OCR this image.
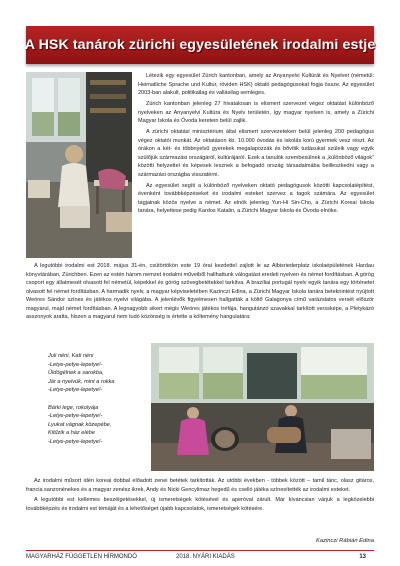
A HSK tanárok zürichi egyesületének irodalmi estje

Létezik egy egyesület Zürich kantonban, amely az Anyanyelvi Kultúrát és Nyelvet (németül: Heimatliche Sprache und Kultur, röviden HSK) oktató pedagógusokat fogja össze. Az egyesület 2003-ban alakult, politikailag és vallásilag semleges.

Zürich kantonban jelenleg 27 hivatalosan is elismert szervezet végez oktatást különböző nyelveken az Anyanyelvi Kultúra és Nyelv területén, így magyar nyelven is, amely a Zürichi Magyar Iskola és Óvoda keretein belül zajlik.

A zürichi oktatási minisztérium által elismert szervezeteken belül jelenleg 200 pedagógus végez oktatói munkát. Az oktatáson kb. 10.000 óvodás és iskolás korú gyermek vesz részt. Az órákon a két- és többnyelvű gyerekek megalapozzák és bővítik tudásukat szüleik vagy egyik szülőjük származási országáról, kultúrájáról. Ezek a tanulók szembesülnek a „különböző világok” közötti helyzettel és képesek lesznek a befogadó ország társadalmába beilleszkedni vagy a származási országba visszatérni.

Az egyesület segíti a különböző nyelveken oktató pedagógusok közötti kapcsolatépítést, évenként továbbképzéseket és irodalmi esteket szervez a tagok számára. Az egyesület tagjainak közös nyelve a német. Az elnök jelenleg Yun-Hi Sin-Cho, a Zürichi Koreai Iskola tanára, helyettese pedig Kardos Katalin, a Zürichi Magyar Iskola és Óvoda elnöke.

A legutóbbi irodalmi est 2018. május 31-én, csütörtökön este 19 órai kezdettel zajlott le az Albisriederplatz iskolaépületének Hardau könyvtárában, Zürichben. Ezen az estén három nemzet irodalmi műveiből hallhattunk válogatást eredeti nyelven és német fordításban. A görög csoport egy állatmesét olvasott fel németül, képekkel és görög szövegbetétekkel tarkítva. A brazíliai portugál nyelv egyik tanára egy történetet olvasott fel német fordításban. A harmadik nyelv, a magyar képviseletében Kazinczi Edina, a Zürichi Magyar Iskola tanára beteknintést nyújtott Weöres Sándor színes és játékos nyelvi világába. A jelenlévők figyelmesen hallgatták a költő Galagonya című varázslatos versét először magyarul, majd német fordításban. A legnagyobb sikert mégis Weöres játékos tréfája, hangutánzó szavakkal tarkított verssképe, a Pletykázó asszonyok aratta, hiszen a magyarul nem tudó közönség is értette a költemény hangulatára:

Juli néni, Kati néni
-Letye-petye-lepetye!-
Üldögélnek a sarokba,
Jár a nyelvük, mint a rokka
-Letye-petye-lepetye!-
Bárki lege, rokolyája
-Letye-petye-lepetye!-
Lyukat vágnak közepébe,
Kitűzik a ház elébe
-Letye-petye-lepetye!-

Az irodalmi műsort idén koreai dobbal előadott zenei betétek tarkították. Az utóbbi években - többek között – tamil tánc, olasz gitáros, francia sanzonénekes és a magyar zenész ikrek, Andy és Nicki Gencylimaz hegedű és cselló játéka színesítették az irodalmi esteket.

A legutóbbi est kellemes beszélgetésekkel, új ismeretségek kötésével és aperóval zárult. Már kíváncsian várjuk a legközelebbi továbbképzés és irodalmi est témáját és a lehetőséget újabb kapcsolatok, ismeretségek kötésére.

Kazinczi Rábián Edina
MAGYARHÁZ FÜGGETLEN HÍRMONDÓ	2018. NYÁRI KIADÁS	13
